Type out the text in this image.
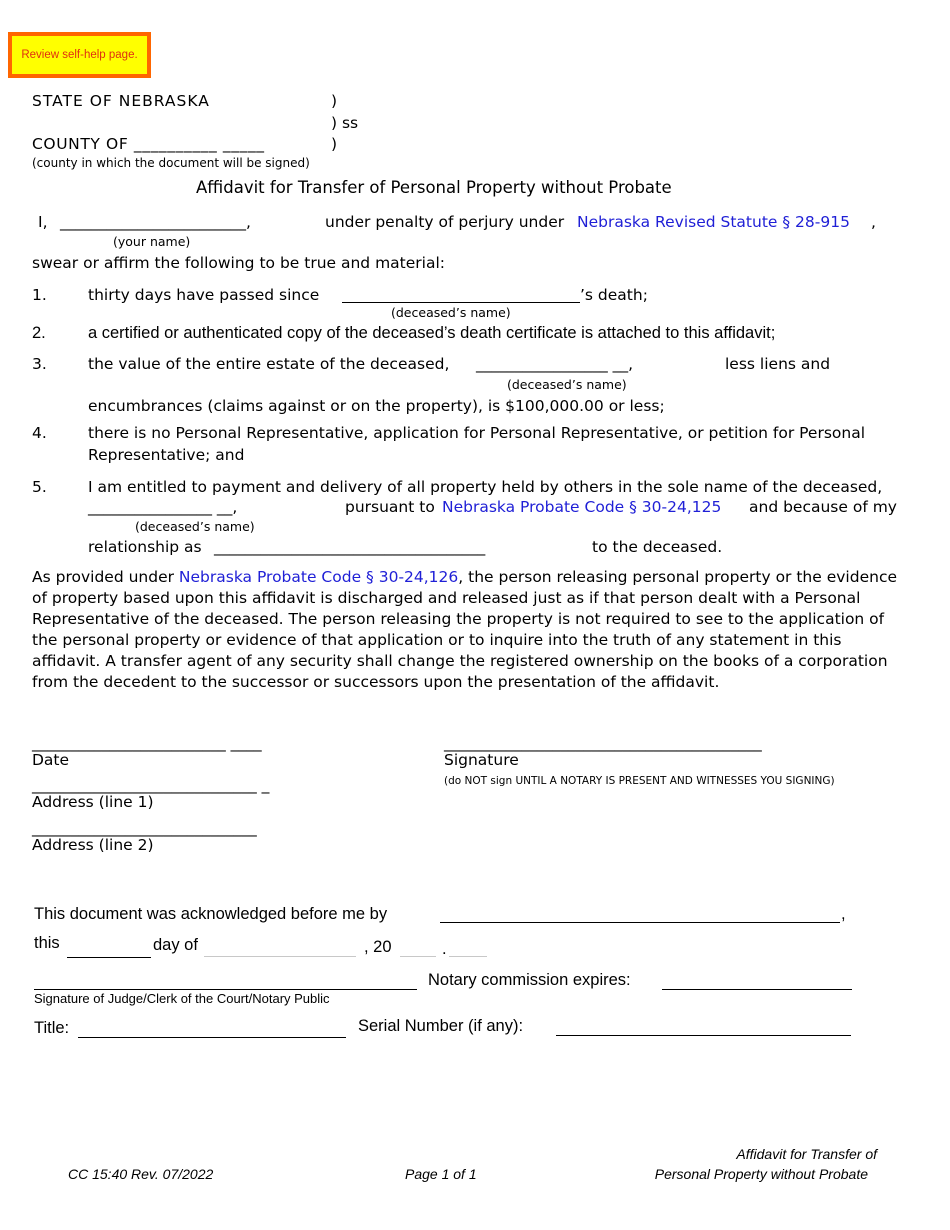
Review self-help page.
STATE OF NEBRASKA	)
) ss
COUNTY OF __________ _____	)
(county in which the document will be signed)
Affidavit for Transfer of Personal Property without Probate
I, ________________________,	under penalty of perjury under Nebraska Revised Statute § 28-915 ,
(your name)
swear or affirm the following to be true and material:
1.	thirty days have passed since	’s death;
(deceased’s name)
2.	a certified or authenticated copy of the deceased’s death certificate is attached to this affidavit;
3.	the value of the entire estate of the deceased, _________________ __,	less liens and
(deceased’s name)
encumbrances (claims against or on the property), is $100,000.00 or less;
4.	there is no Personal Representative, application for Personal Representative, or petition for Personal
Representative; and
5.	I am entitled to payment and delivery of all property held by others in the sole name of the deceased,
________________ __,	pursuant to Nebraska Probate Code § 30-24,125 and because of my
(deceased’s name)
relationship as ___________________________________	to the deceased.
As provided under Nebraska Probate Code § 30-24,126, the person releasing personal property or the evidence of property based upon this affidavit is discharged and released just as if that person dealt with a Personal Representative of the deceased. The person releasing the property is not required to see to the application of the personal property or evidence of that application or to inquire into the truth of any statement in this affidavit. A transfer agent of any security shall change the registered ownership on the books of a corporation from the decedent to the successor or successors upon the presentation of the affidavit.
_________________________ ____	_________________________________________
Date	Signature
(do NOT sign UNTIL A NOTARY IS PRESENT AND WITNESSES YOU SIGNING)
_____________________________ _
Address (line 1)
_____________________________
Address (line 2)
This document was acknowledged before me by	,
this	day of	, 20	.
Notary commission expires:
Signature of Judge/Clerk of the Court/Notary Public
Title:	Serial Number (if any):
CC 15:40 Rev. 07/2022	Page 1 of 1
Affidavit for Transfer of
Personal Property without Probate
